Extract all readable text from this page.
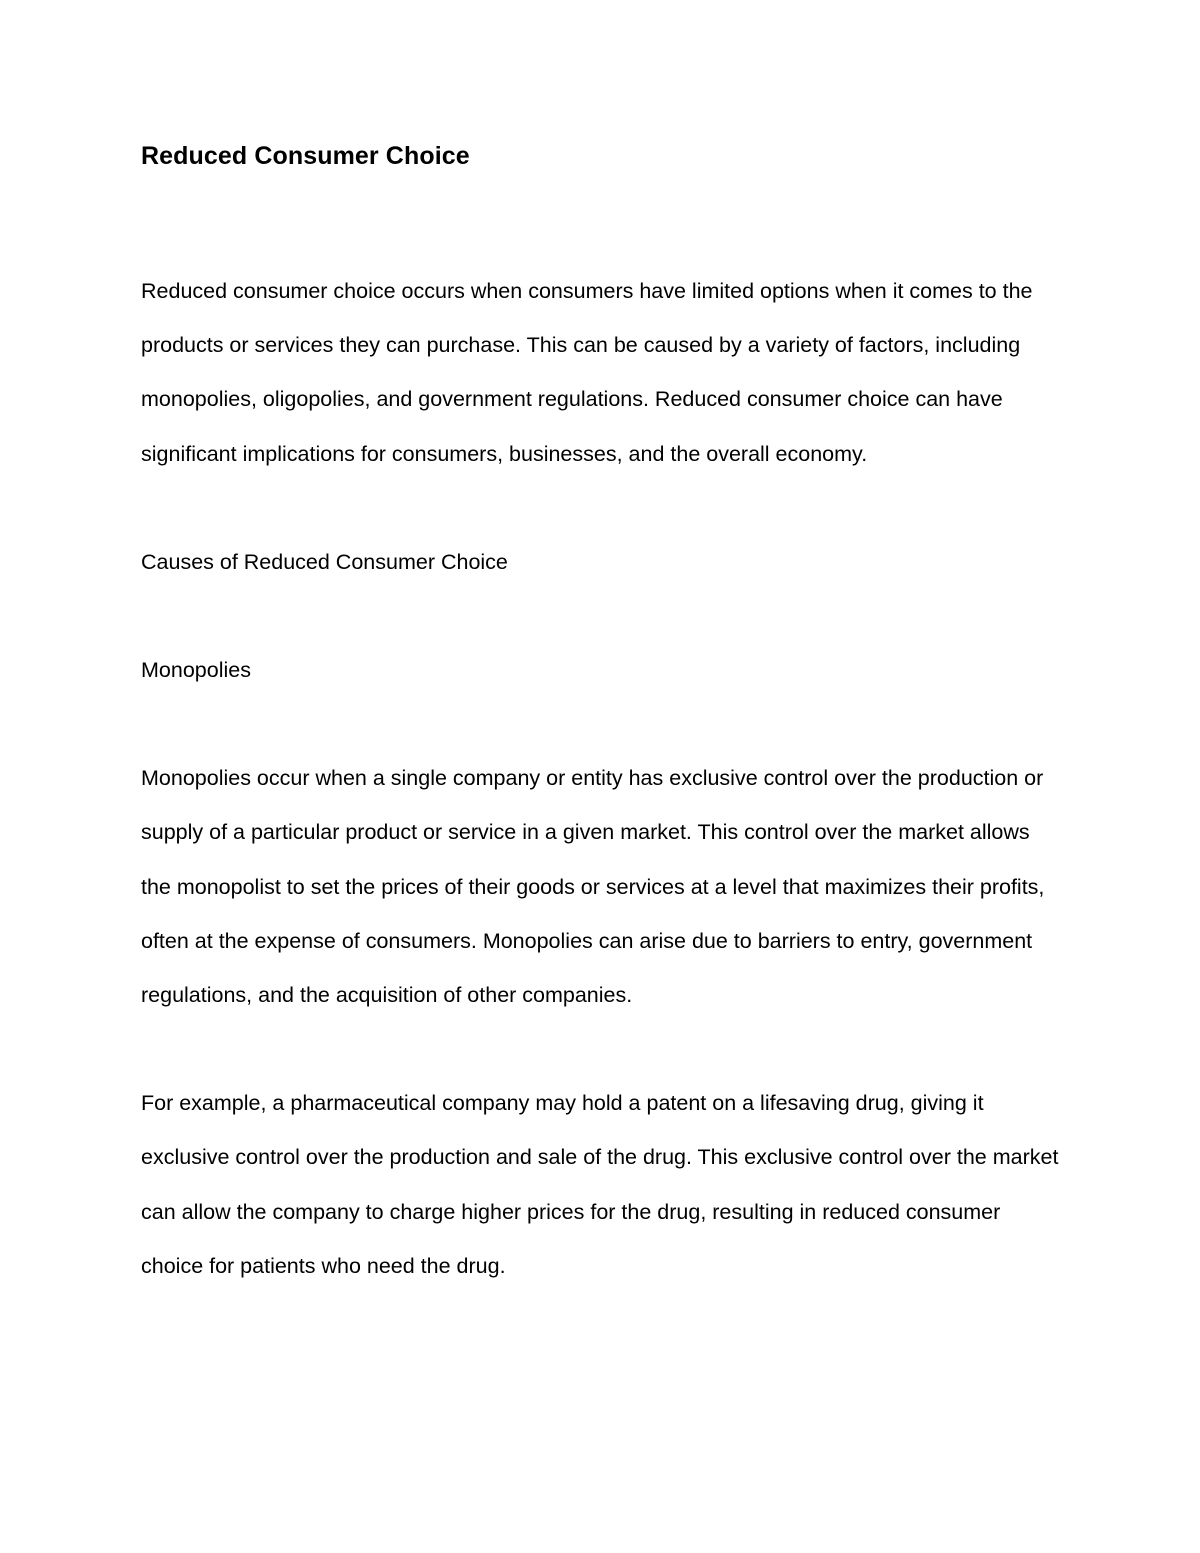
Reduced Consumer Choice

Reduced consumer choice occurs when consumers have limited options when it comes to the products or services they can purchase. This can be caused by a variety of factors, including monopolies, oligopolies, and government regulations. Reduced consumer choice can have significant implications for consumers, businesses, and the overall economy.

Causes of Reduced Consumer Choice

Monopolies

Monopolies occur when a single company or entity has exclusive control over the production or supply of a particular product or service in a given market. This control over the market allows the monopolist to set the prices of their goods or services at a level that maximizes their profits, often at the expense of consumers. Monopolies can arise due to barriers to entry, government regulations, and the acquisition of other companies.

For example, a pharmaceutical company may hold a patent on a lifesaving drug, giving it exclusive control over the production and sale of the drug. This exclusive control over the market can allow the company to charge higher prices for the drug, resulting in reduced consumer choice for patients who need the drug.
